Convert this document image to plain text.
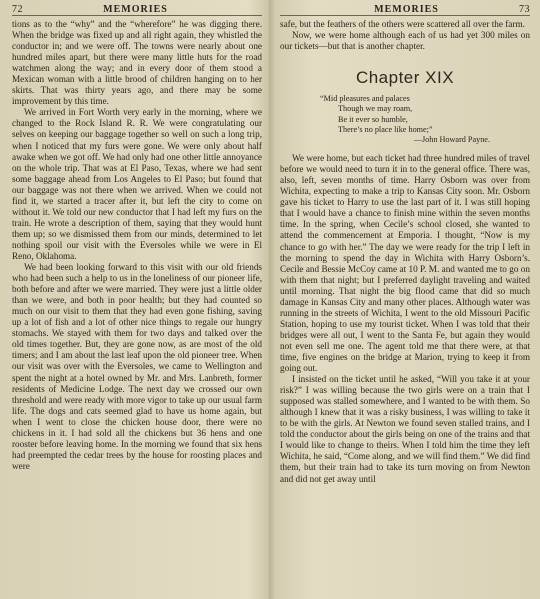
72	MEMORIES

tions as to the “why” and the “wherefore” he was digging there. When the bridge was fixed up and all right again, they whistled the conductor in; and we were off. The towns were nearly about one hundred miles apart, but there were many little huts for the road watchmen along the way; and in every door of them stood a Mexican woman with a little brood of children hanging on to her skirts. That was thirty years ago, and there may be some improvement by this time.

We arrived in Fort Worth very early in the morning, where we changed to the Rock Island R. R. We were congratulating our selves on keeping our baggage together so well on such a long trip, when I noticed that my furs were gone. We were only about half awake when we got off. We had only had one other little annoyance on the whole trip. That was at El Paso, Texas, where we had sent some baggage ahead from Los Angeles to El Paso; but found that our baggage was not there when we arrived. When we could not find it, we started a tracer after it, but left the city to come on without it. We told our new conductor that I had left my furs on the train. He wrote a description of them, saying that they would hunt them up; so we dismissed them from our minds, determined to let nothing spoil our visit with the Eversoles while we were in El Reno, Oklahoma.

We had been looking forward to this visit with our old friends who had been such a help to us in the loneliness of our pioneer life, both before and after we were married. They were just a little older than we were, and both in poor health; but they had counted so much on our visit to them that they had even gone fishing, saving up a lot of fish and a lot of other nice things to regale our hungry stomachs. We stayed with them for two days and talked over the old times together. But, they are gone now, as are most of the old timers; and I am about the last leaf upon the old pioneer tree. When our visit was over with the Eversoles, we came to Wellington and spent the night at a hotel owned by Mr. and Mrs. Lanbreth, former residents of Medicine Lodge. The next day we crossed our own threshold and were ready with more vigor to take up our usual farm life. The dogs and cats seemed glad to have us home again, but when I went to close the chicken house door, there were no chickens in it. I had sold all the chickens but 36 hens and one rooster before leaving home. In the morning we found that six hens had preempted the cedar trees by the house for roosting places and were

MEMORIES	73

safe, but the feathers of the others were scattered all over the farm.

Now, we were home although each of us had yet 300 miles on our tickets—but that is another chapter.

Chapter XIX
“Mid pleasures and palaces
Though we may roam,
Be it ever so humble,
There’s no place like home;”
—John Howard Payne.

We were home, but each ticket had three hundred miles of travel before we would need to turn it in to the general office. There was, also, left, seven months of time. Harry Osborn was over from Wichita, expecting to make a trip to Kansas City soon. Mr. Osborn gave his ticket to Harry to use the last part of it. I was still hoping that I would have a chance to finish mine within the seven months time. In the spring, when Cecile’s school closed, she wanted to attend the commencement at Emporia. I thought, “Now is my chance to go with her.” The day we were ready for the trip I left in the morning to spend the day in Wichita with Harry Osborn’s. Cecile and Bessie McCoy came at 10 P. M. and wanted me to go on with them that night; but I preferred daylight traveling and waited until morning. That night the big flood came that did so much damage in Kansas City and many other places. Although water was running in the streets of Wichita, I went to the old Missouri Pacific Station, hoping to use my tourist ticket. When I was told that their bridges were all out, I went to the Santa Fe, but again they would not even sell me one. The agent told me that there were, at that time, five engines on the bridge at Marion, trying to keep it from going out.

I insisted on the ticket until he asked, “Will you take it at your risk?” I was willing because the two girls were on a train that I supposed was stalled somewhere, and I wanted to be with them. So although I knew that it was a risky business, I was willing to take it to be with the girls. At Newton we found seven stalled trains, and I told the conductor about the girls being on one of the trains and that I would like to change to theirs. When I told him the time they left Wichita, he said, “Come along, and we will find them.” We did find them, but their train had to take its turn moving on from Newton and did not get away until
